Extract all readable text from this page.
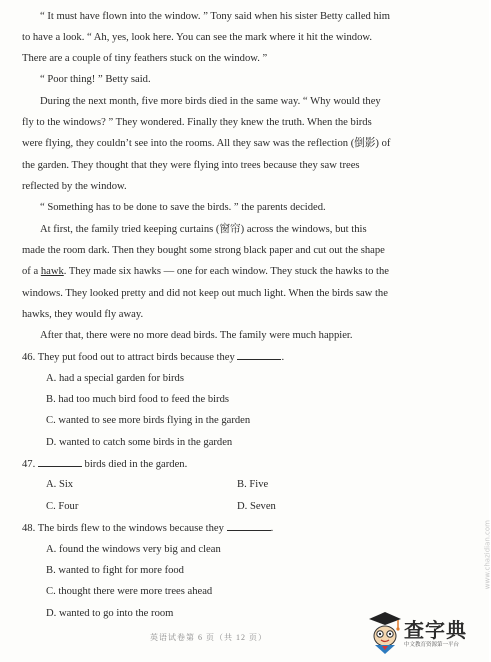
“ It must have flown into the window. ” Tony said when his sister Betty called him
to have a look. “ Ah, yes, look here. You can see the mark where it hit the window.
There are a couple of tiny feathers stuck on the window. ”
“ Poor thing! ” Betty said.
During the next month, five more birds died in the same way. “ Why would they
fly to the windows? ” They wondered. Finally they knew the truth. When the birds
were flying, they couldn’t see into the rooms. All they saw was the reflection (倒影) of
the garden. They thought that they were flying into trees because they saw trees
reflected by the window.
“ Something has to be done to save the birds. ” the parents decided.
At first, the family tried keeping curtains (窗帘) across the windows, but this
made the room dark. Then they bought some strong black paper and cut out the shape
of a hawk. They made six hawks — one for each window. They stuck the hawks to the
windows. They looked pretty and did not keep out much light. When the birds saw the
hawks, they would fly away.
After that, there were no more dead birds. The family were much happier.
46. They put food out to attract birds because they	.
A. had a special garden for birds
B. had too much bird food to feed the birds
C. wanted to see more birds flying in the garden
D. wanted to catch some birds in the garden
47.	birds died in the garden.
A. Six	B. Five
C. Four	D. Seven
48. The birds flew to the windows because they	.
A. found the windows very big and clean
B. wanted to fight for more food
C. thought there were more trees ahead
D. wanted to go into the room
英语试卷第 6 页（共 12 页）
www.chazidian.com
查字典
中文教育资源第一平台
